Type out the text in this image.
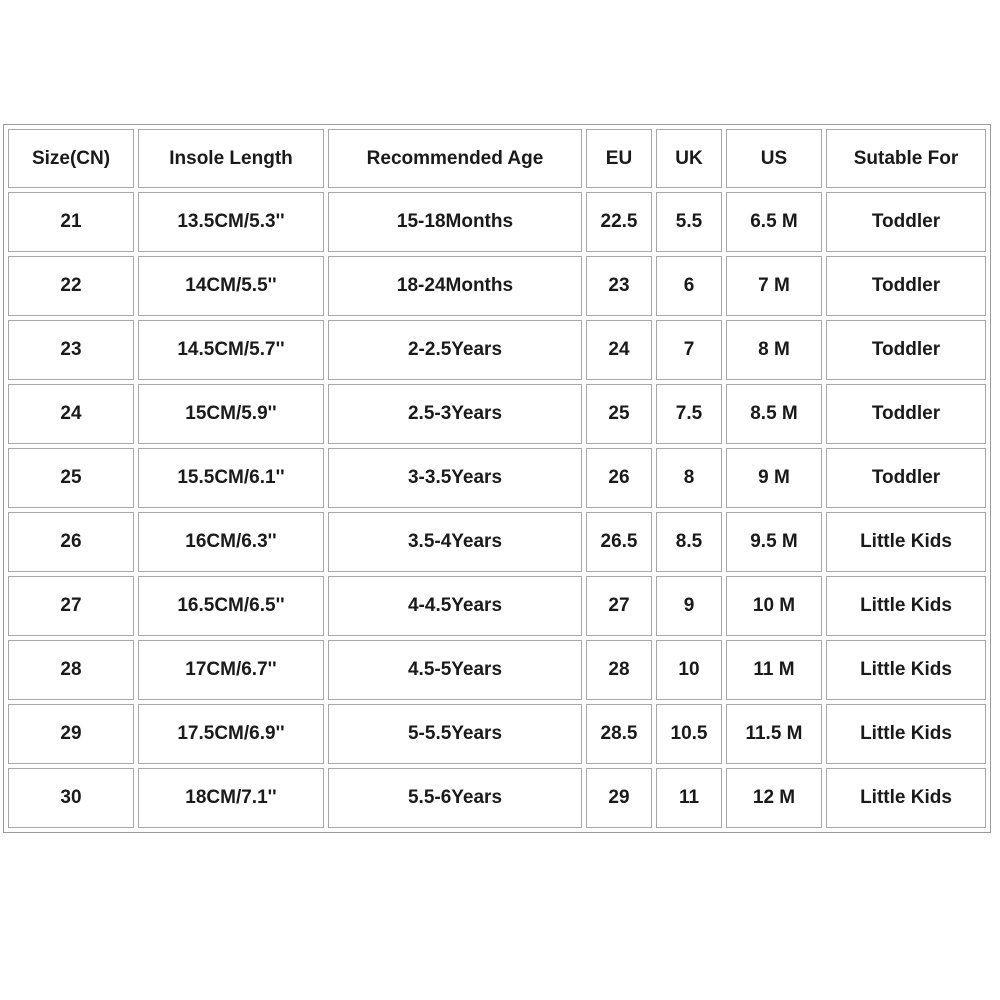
Size(CN)	Insole Length	Recommended Age	EU	UK	US	Sutable For
21	13.5CM/5.3''	15-18Months	22.5	5.5	6.5 M	Toddler
22	14CM/5.5''	18-24Months	23	6	7 M	Toddler
23	14.5CM/5.7''	2-2.5Years	24	7	8 M	Toddler
24	15CM/5.9''	2.5-3Years	25	7.5	8.5 M	Toddler
25	15.5CM/6.1''	3-3.5Years	26	8	9 M	Toddler
26	16CM/6.3''	3.5-4Years	26.5	8.5	9.5 M	Little Kids
27	16.5CM/6.5''	4-4.5Years	27	9	10 M	Little Kids
28	17CM/6.7''	4.5-5Years	28	10	11 M	Little Kids
29	17.5CM/6.9''	5-5.5Years	28.5	10.5	11.5 M	Little Kids
30	18CM/7.1''	5.5-6Years	29	11	12 M	Little Kids
